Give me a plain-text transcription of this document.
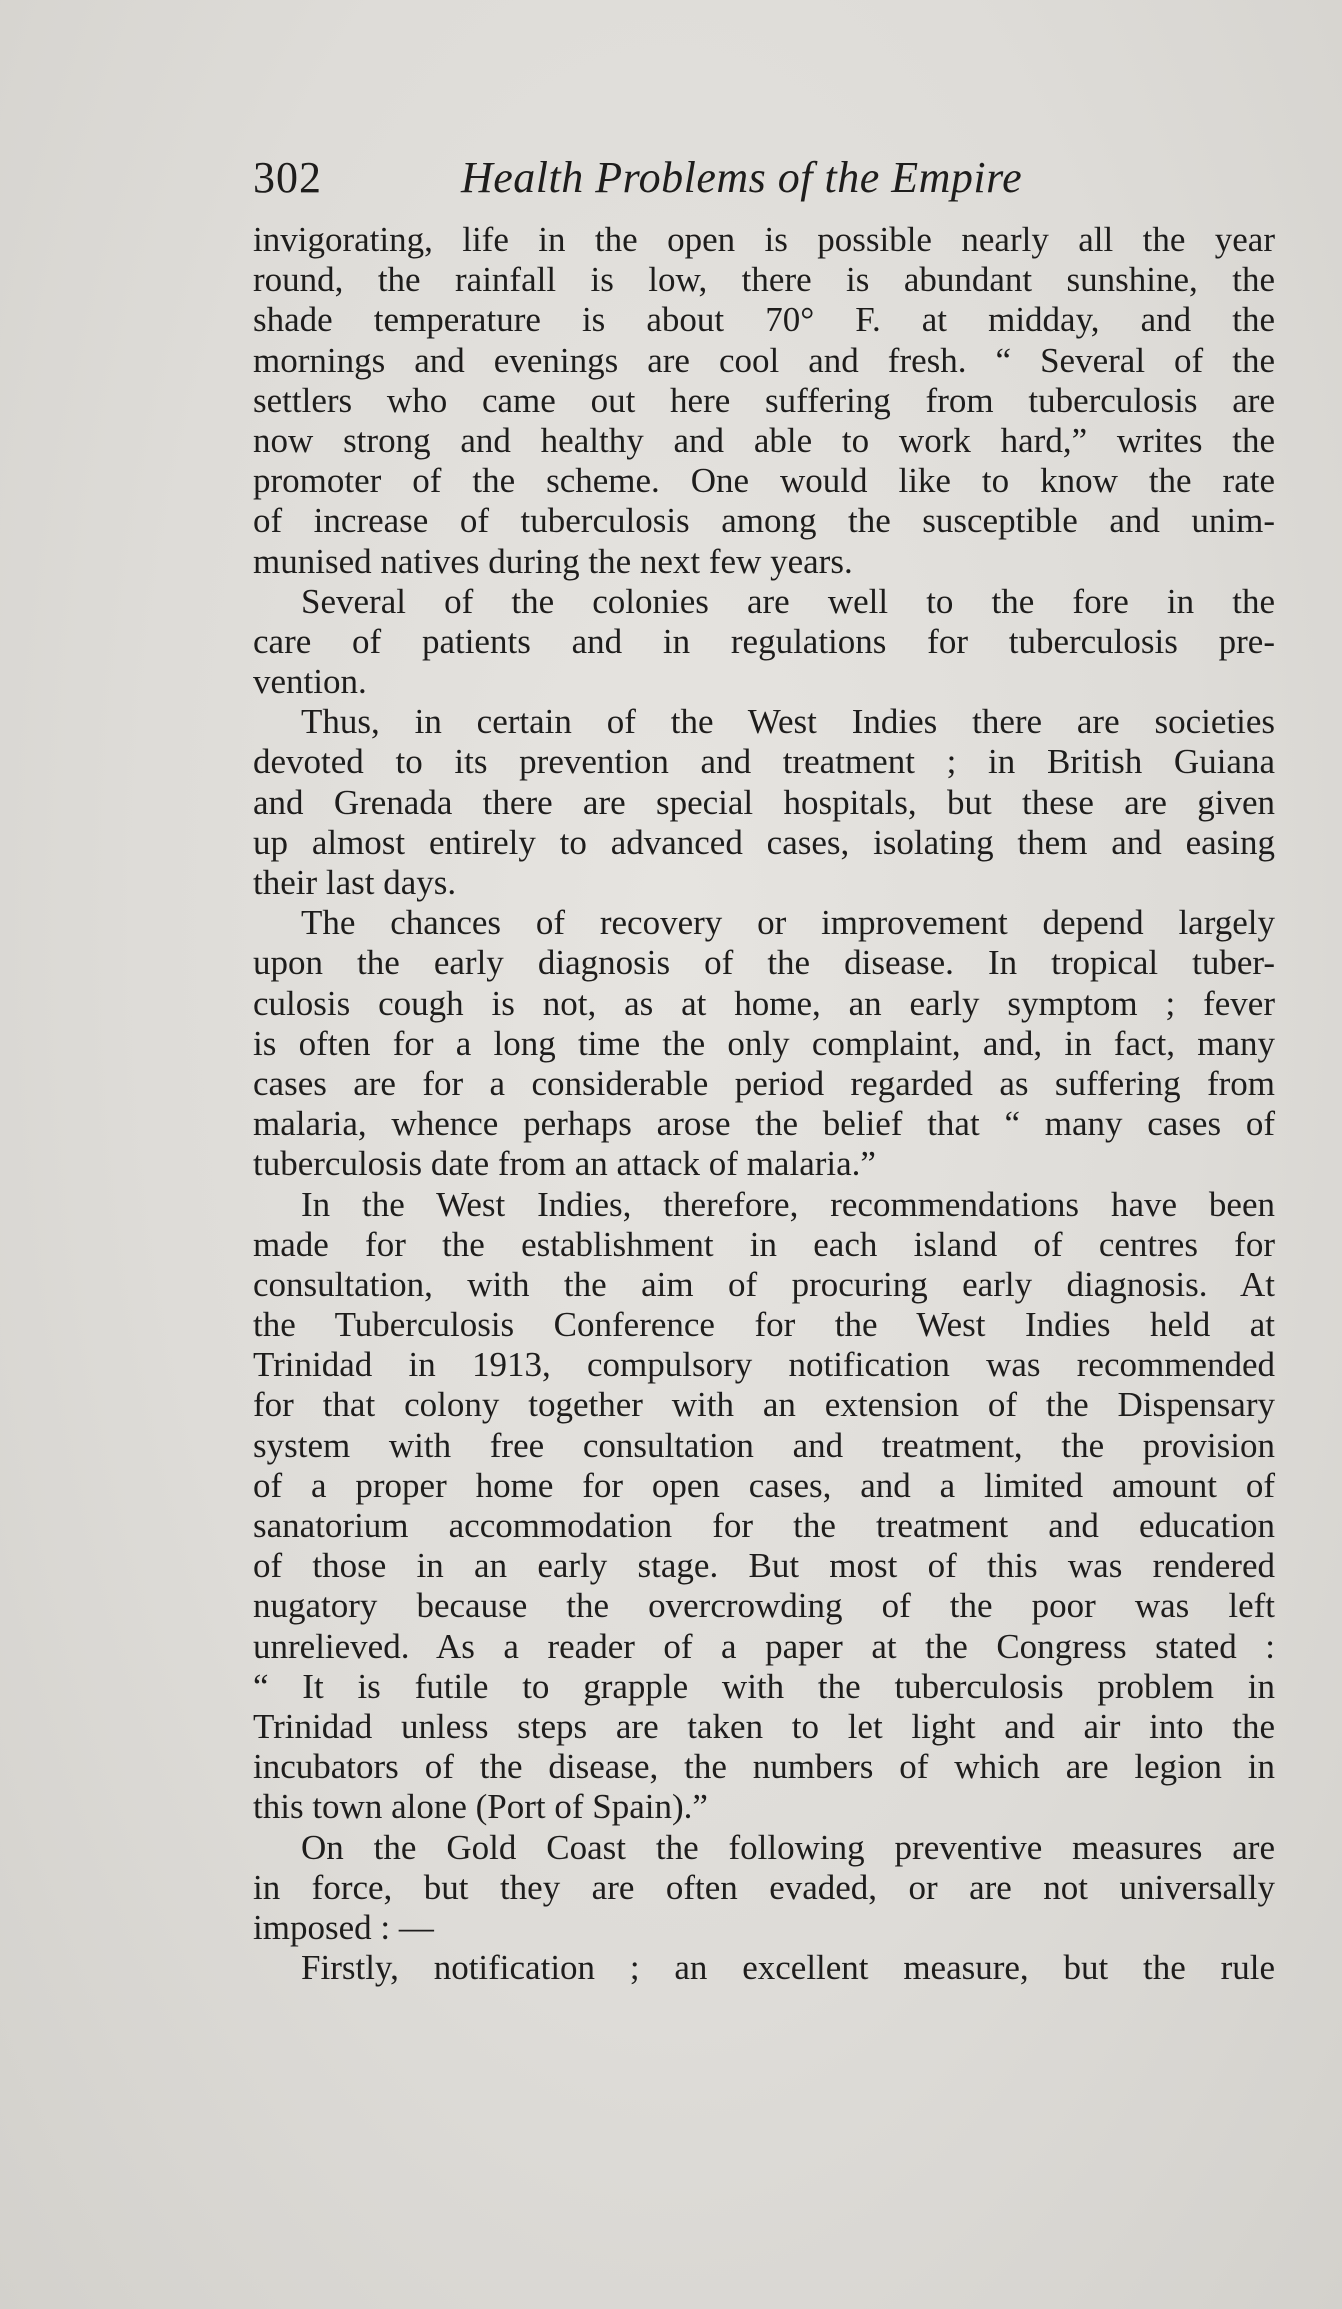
302	Health Problems of the Empire

invigorating, life in the open is possible nearly all the year
round, the rainfall is low, there is abundant sunshine, the
shade temperature is about 70° F. at midday, and the
mornings and evenings are cool and fresh. “ Several of the
settlers who came out here suffering from tuberculosis are
now strong and healthy and able to work hard,” writes the
promoter of the scheme. One would like to know the rate
of increase of tuberculosis among the susceptible and unim-
munised natives during the next few years.

Several of the colonies are well to the fore in the
care of patients and in regulations for tuberculosis pre-
vention.

Thus, in certain of the West Indies there are societies
devoted to its prevention and treatment ; in British Guiana
and Grenada there are special hospitals, but these are given
up almost entirely to advanced cases, isolating them and easing
their last days.

The chances of recovery or improvement depend largely
upon the early diagnosis of the disease. In tropical tuber-
culosis cough is not, as at home, an early symptom ; fever
is often for a long time the only complaint, and, in fact, many
cases are for a considerable period regarded as suffering from
malaria, whence perhaps arose the belief that “ many cases of
tuberculosis date from an attack of malaria.”

In the West Indies, therefore, recommendations have been
made for the establishment in each island of centres for
consultation, with the aim of procuring early diagnosis. At
the Tuberculosis Conference for the West Indies held at
Trinidad in 1913, compulsory notification was recommended
for that colony together with an extension of the Dispensary
system with free consultation and treatment, the provision
of a proper home for open cases, and a limited amount of
sanatorium accommodation for the treatment and education
of those in an early stage. But most of this was rendered
nugatory because the overcrowding of the poor was left
unrelieved. As a reader of a paper at the Congress stated :
“ It is futile to grapple with the tuberculosis problem in
Trinidad unless steps are taken to let light and air into the
incubators of the disease, the numbers of which are legion in
this town alone (Port of Spain).”

On the Gold Coast the following preventive measures are
in force, but they are often evaded, or are not universally
imposed : —

Firstly, notification ; an excellent measure, but the rule
